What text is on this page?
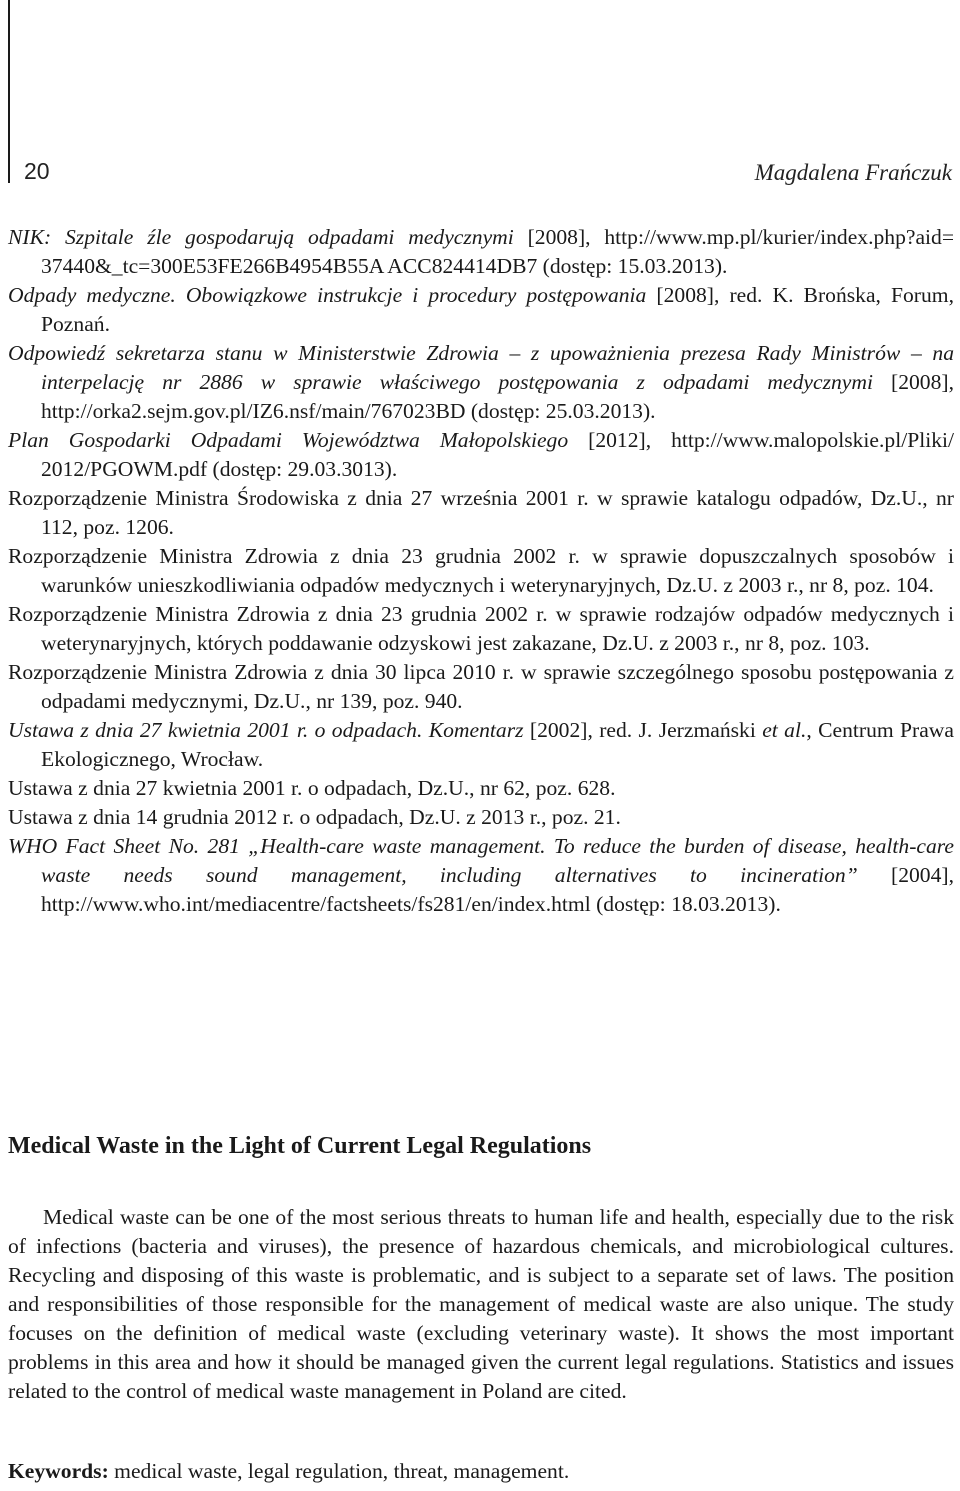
20	Magdalena Frańczuk
NIK: Szpitale źle gospodarują odpadami medycznymi [2008], http://www.mp.pl/kurier/index.php?aid= 37440&_tc=300E53FE266B4954B55A ACC824414DB7 (dostęp: 15.03.2013).
Odpady medyczne. Obowiązkowe instrukcje i procedury postępowania [2008], red. K. Brońska, Forum, Poznań.
Odpowiedź sekretarza stanu w Ministerstwie Zdrowia – z upoważnienia prezesa Rady Ministrów – na interpelację nr 2886 w sprawie właściwego postępowania z odpadami medycznymi [2008], http://orka2.sejm.gov.pl/IZ6.nsf/main/767023BD (dostęp: 25.03.2013).
Plan Gospodarki Odpadami Województwa Małopolskiego [2012], http://www.malopolskie.pl/Pliki/ 2012/PGOWM.pdf (dostęp: 29.03.3013).
Rozporządzenie Ministra Środowiska z dnia 27 września 2001 r. w sprawie katalogu odpadów, Dz.U., nr 112, poz. 1206.
Rozporządzenie Ministra Zdrowia z dnia 23 grudnia 2002 r. w sprawie dopuszczalnych sposobów i warunków unieszkodliwiania odpadów medycznych i weterynaryjnych, Dz.U. z 2003 r., nr 8, poz. 104.
Rozporządzenie Ministra Zdrowia z dnia 23 grudnia 2002 r. w sprawie rodzajów odpadów medycznych i weterynaryjnych, których poddawanie odzyskowi jest zakazane, Dz.U. z 2003 r., nr 8, poz. 103.
Rozporządzenie Ministra Zdrowia z dnia 30 lipca 2010 r. w sprawie szczególnego sposobu postępowania z odpadami medycznymi, Dz.U., nr 139, poz. 940.
Ustawa z dnia 27 kwietnia 2001 r. o odpadach. Komentarz [2002], red. J. Jerzmański et al., Centrum Prawa Ekologicznego, Wrocław.
Ustawa z dnia 27 kwietnia 2001 r. o odpadach, Dz.U., nr 62, poz. 628.
Ustawa z dnia 14 grudnia 2012 r. o odpadach, Dz.U. z 2013 r., poz. 21.
WHO Fact Sheet No. 281 „Health-care waste management. To reduce the burden of disease, health-care waste needs sound management, including alternatives to incineration” [2004], http://www.who.int/mediacentre/factsheets/fs281/en/index.html (dostęp: 18.03.2013).
Medical Waste in the Light of Current Legal Regulations

Medical waste can be one of the most serious threats to human life and health, especially due to the risk of infections (bacteria and viruses), the presence of hazardous chemicals, and microbiological cultures. Recycling and disposing of this waste is problematic, and is subject to a separate set of laws. The position and responsibilities of those responsible for the management of medical waste are also unique. The study focuses on the definition of medical waste (excluding veterinary waste). It shows the most important problems in this area and how it should be managed given the current legal regulations. Statistics and issues related to the control of medical waste management in Poland are cited.

Keywords: medical waste, legal regulation, threat, management.
